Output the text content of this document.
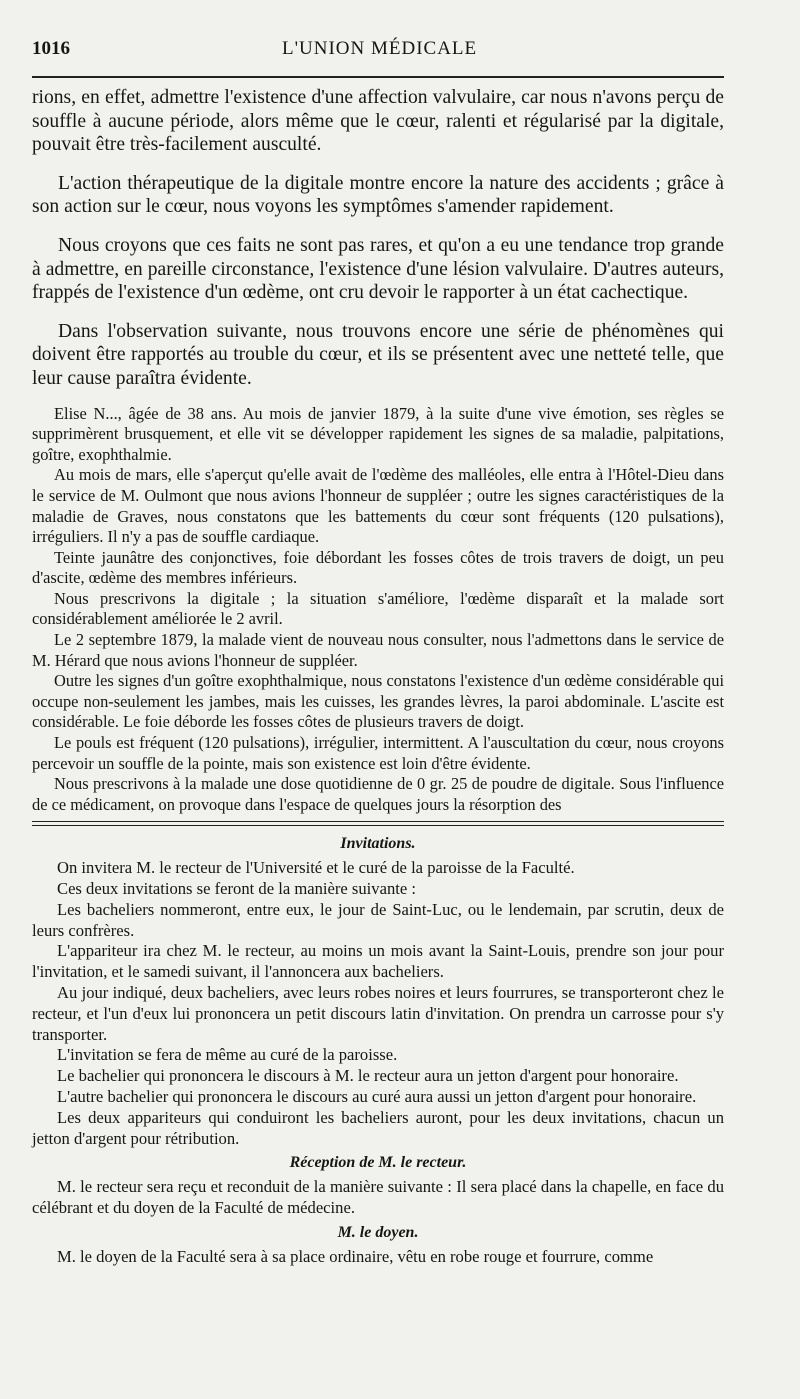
1016	L'UNION MÉDICALE

rions, en effet, admettre l'existence d'une affection valvulaire, car nous n'avons perçu de souffle à aucune période, alors même que le cœur, ralenti et régularisé par la digitale, pouvait être très-facilement ausculté.

L'action thérapeutique de la digitale montre encore la nature des accidents ; grâce à son action sur le cœur, nous voyons les symptômes s'amender rapidement.

Nous croyons que ces faits ne sont pas rares, et qu'on a eu une tendance trop grande à admettre, en pareille circonstance, l'existence d'une lésion valvulaire. D'autres auteurs, frappés de l'existence d'un œdème, ont cru devoir le rapporter à un état cachectique.

Dans l'observation suivante, nous trouvons encore une série de phénomènes qui doivent être rapportés au trouble du cœur, et ils se présentent avec une netteté telle, que leur cause paraîtra évidente.

Elise N..., âgée de 38 ans. Au mois de janvier 1879, à la suite d'une vive émotion, ses règles se supprimèrent brusquement, et elle vit se développer rapidement les signes de sa maladie, palpitations, goître, exophthalmie.

Au mois de mars, elle s'aperçut qu'elle avait de l'œdème des malléoles, elle entra à l'Hôtel-Dieu dans le service de M. Oulmont que nous avions l'honneur de suppléer ; outre les signes caractéristiques de la maladie de Graves, nous constatons que les battements du cœur sont fréquents (120 pulsations), irréguliers. Il n'y a pas de souffle cardiaque.

Teinte jaunâtre des conjonctives, foie débordant les fosses côtes de trois travers de doigt, un peu d'ascite, œdème des membres inférieurs.

Nous prescrivons la digitale ; la situation s'améliore, l'œdème disparaît et la malade sort considérablement améliorée le 2 avril.

Le 2 septembre 1879, la malade vient de nouveau nous consulter, nous l'admettons dans le service de M. Hérard que nous avions l'honneur de suppléer.

Outre les signes d'un goître exophthalmique, nous constatons l'existence d'un œdème considérable qui occupe non-seulement les jambes, mais les cuisses, les grandes lèvres, la paroi abdominale. L'ascite est considérable. Le foie déborde les fosses côtes de plusieurs travers de doigt.

Le pouls est fréquent (120 pulsations), irrégulier, intermittent. A l'auscultation du cœur, nous croyons percevoir un souffle de la pointe, mais son existence est loin d'être évidente.

Nous prescrivons à la malade une dose quotidienne de 0 gr. 25 de poudre de digitale. Sous l'influence de ce médicament, on provoque dans l'espace de quelques jours la résorption des

Invitations.

On invitera M. le recteur de l'Université et le curé de la paroisse de la Faculté.

Ces deux invitations se feront de la manière suivante :

Les bacheliers nommeront, entre eux, le jour de Saint-Luc, ou le lendemain, par scrutin, deux de leurs confrères.

L'appariteur ira chez M. le recteur, au moins un mois avant la Saint-Louis, prendre son jour pour l'invitation, et le samedi suivant, il l'annoncera aux bacheliers.

Au jour indiqué, deux bacheliers, avec leurs robes noires et leurs fourrures, se transporteront chez le recteur, et l'un d'eux lui prononcera un petit discours latin d'invitation. On prendra un carrosse pour s'y transporter.

L'invitation se fera de même au curé de la paroisse.

Le bachelier qui prononcera le discours à M. le recteur aura un jetton d'argent pour honoraire.

L'autre bachelier qui prononcera le discours au curé aura aussi un jetton d'argent pour honoraire.

Les deux appariteurs qui conduiront les bacheliers auront, pour les deux invitations, chacun un jetton d'argent pour rétribution.

Réception de M. le recteur.

M. le recteur sera reçu et reconduit de la manière suivante : Il sera placé dans la chapelle, en face du célébrant et du doyen de la Faculté de médecine.

M. le doyen.

M. le doyen de la Faculté sera à sa place ordinaire, vêtu en robe rouge et fourrure, comme
